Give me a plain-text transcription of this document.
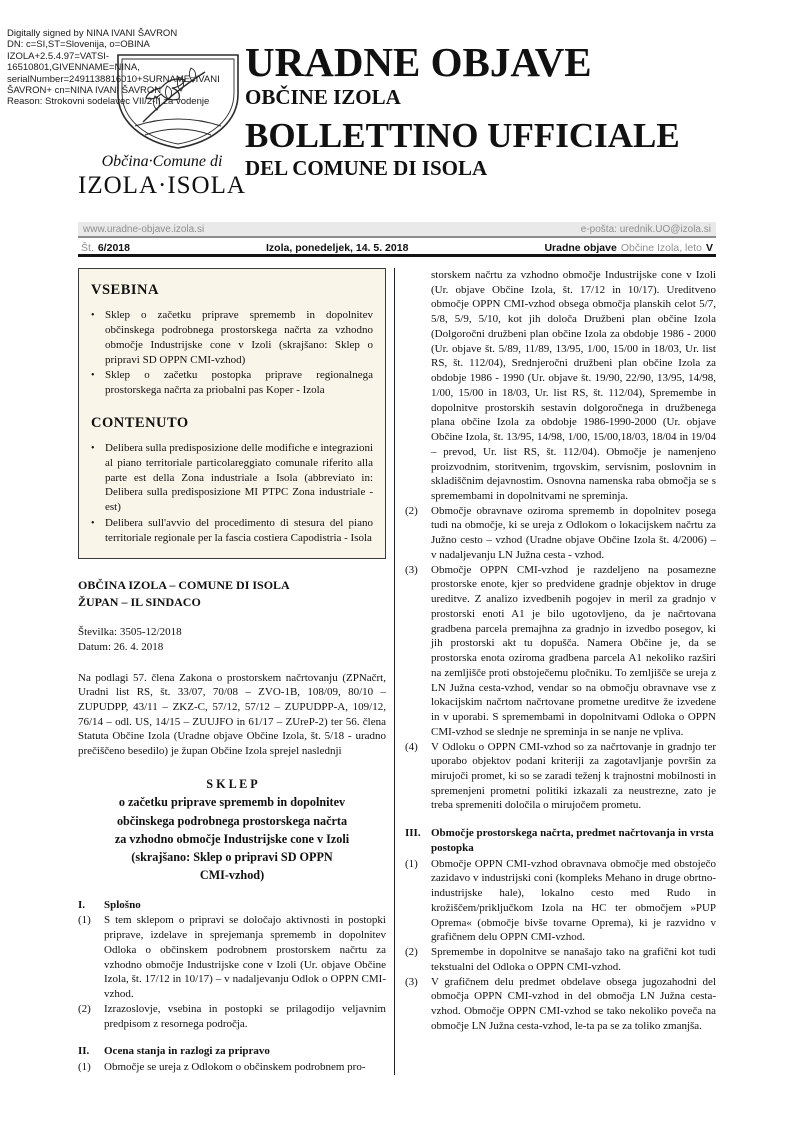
Digitally signed by NINA IVANI ŠAVRON
DN: c=SI,ST=Slovenija, o=OBINA
IZOLA+2.5.4.97=VATSI-
16510801,GIVENNAME=NINA,
serialNumber=2491138816010+SURNAME=IVANI
ŠAVRON+ cn=NINA IVANI ŠAVRON
Reason: Strokovni sodelavec VII/2-II za vodenje
Občina·Comune di
IZOLA·ISOLA
URADNE OBJAVE
OBČINE IZOLA
BOLLETTINO UFFICIALE
DEL COMUNE DI ISOLA
www.uradne-objave.izola.si	e-pošta: urednik.UO@izola.si
Št. 6/2018	Izola, ponedeljek, 14. 5. 2018	Uradne objave Občine Izola, leto V
VSEBINA
• Sklep o začetku priprave sprememb in dopolnitev občinskega podrobnega prostorskega načrta za vzhodno območje Industrijske cone v Izoli (skrajšano: Sklep o pripravi SD OPPN CMI-vzhod)
• Sklep o začetku postopka priprave regionalnega prostorskega načrta za priobalni pas Koper - Izola
CONTENUTO
• Delibera sulla predisposizione delle modifiche e integrazioni al piano territoriale particolareggiato comunale riferito alla parte est della Zona industriale a Isola (abbreviato in: Delibera sulla predisposizione MI PTPC Zona industriale - est)
• Delibera sull'avvio del procedimento di stesura del piano territoriale regionale per la fascia costiera Capodistria - Isola
OBČINA IZOLA – COMUNE DI ISOLA
ŽUPAN – IL SINDACO
Številka: 3505-12/2018
Datum: 26. 4. 2018

Na podlagi 57. člena Zakona o prostorskem načrtovanju (ZPNačrt, Uradni list RS, št. 33/07, 70/08 – ZVO-1B, 108/09, 80/10 – ZUPUDPP, 43/11 – ZKZ-C, 57/12, 57/12 – ZUPUDPP-A, 109/12, 76/14 – odl. US, 14/15 – ZUUJFO in 61/17 – ZUreP-2) ter 56. člena Statuta Občine Izola (Uradne objave Občine Izola, št. 5/18 - uradno prečiščeno besedilo) je župan Občine Izola sprejel naslednji

S K L E P
o začetku priprave sprememb in dopolnitev
občinskega podrobnega prostorskega načrta
za vzhodno območje Industrijske cone v Izoli
(skrajšano: Sklep o pripravi SD OPPN
CMI-vzhod)
I.	Splošno
(1)	S tem sklepom o pripravi se določajo aktivnosti in postopki priprave, izdelave in sprejemanja sprememb in dopolnitev Odloka o občinskem podrobnem prostorskem načrtu za vzhodno območje Industrijske cone v Izoli (Ur. objave Občine Izola, št. 17/12 in 10/17) – v nadaljevanju Odlok o OPPN CMI-vzhod.
(2)	Izrazoslovje, vsebina in postopki se prilagodijo veljavnim predpisom z resornega področja.
II.	Ocena stanja in razlogi za pripravo
(1)	Območje se ureja z Odlokom o občinskem podrobnem pro-
storskem načrtu za vzhodno območje Industrijske cone v Izoli (Ur. objave Občine Izola, št. 17/12 in 10/17). Ureditveno območje OPPN CMI-vzhod obsega območja planskih celot 5/7, 5/8, 5/9, 5/10, kot jih določa Družbeni plan občine Izola (Dolgoročni družbeni plan občine Izola za obdobje 1986 - 2000 (Ur. objave št. 5/89, 11/89, 13/95, 1/00, 15/00 in 18/03, Ur. list RS, št. 112/04), Srednjeročni družbeni plan občine Izola za obdobje 1986 - 1990 (Ur. objave št. 19/90, 22/90, 13/95, 14/98, 1/00, 15/00 in 18/03, Ur. list RS, št. 112/04), Spremembe in dopolnitve prostorskih sestavin dolgoročnega in družbenega plana občine Izola za obdobje 1986-1990-2000 (Ur. objave Občine Izola, št. 13/95, 14/98, 1/00, 15/00,18/03, 18/04 in 19/04 – prevod, Ur. list RS, št. 112/04). Območje je namenjeno proizvodnim, storitvenim, trgovskim, servisnim, poslovnim in skladiščnim dejavnostim. Osnovna namenska raba območja se s spremembami in dopolnitvami ne spreminja.
(2)	Območje obravnave oziroma sprememb in dopolnitev posega tudi na območje, ki se ureja z Odlokom o lokacijskem načrtu za Južno cesto – vzhod (Uradne objave Občine Izola št. 4/2006) – v nadaljevanju LN Južna cesta - vzhod.
(3)	Območje OPPN CMI-vzhod je razdeljeno na posamezne prostorske enote, kjer so predvidene gradnje objektov in druge ureditve. Z analizo izvedbenih pogojev in meril za gradnjo v prostorski enoti A1 je bilo ugotovljeno, da je načrtovana gradbena parcela premajhna za gradnjo in izvedbo posegov, ki jih prostorski akt tu dopušča. Namera Občine je, da se prostorska enota oziroma gradbena parcela A1 nekoliko razširi na zemljišče proti obstoječemu pločniku. To zemljišče se ureja z LN Južna cesta-vzhod, vendar so na območju obravnave vse z lokacijskim načrtom načrtovane prometne ureditve že izvedene in v uporabi. S spremembami in dopolnitvami Odloka o OPPN CMI-vzhod se slednje ne spreminja in se nanje ne vpliva.
(4)	V Odloku o OPPN CMI-vzhod so za načrtovanje in gradnjo ter uporabo objektov podani kriteriji za zagotavljanje površin za mirujoči promet, ki so se zaradi teženj k trajnostni mobilnosti in spremenjeni prometni politiki izkazali za neustrezne, zato je treba spremeniti določila o mirujočem prometu.
III. Območje prostorskega načrta, predmet načrtovanja in vrsta postopka
(1)	Območje OPPN CMI-vzhod obravnava območje med obstoječo zazidavo v industrijski coni (kompleks Mehano in druge obrtno-industrijske hale), lokalno cesto med Rudo in krožiščem/priključkom Izola na HC ter območjem »PUP Oprema« (območje bivše tovarne Oprema), ki je razvidno v grafičnem delu OPPN CMI-vzhod.
(2)	Spremembe in dopolnitve se nanašajo tako na grafični kot tudi tekstualni del Odloka o OPPN CMI-vzhod.
(3)	V grafičnem delu predmet obdelave obsega jugozahodni del območja OPPN CMI-vzhod in del območja LN Južna cesta-vzhod. Območje OPPN CMI-vzhod se tako nekoliko poveča na območje LN Južna cesta-vzhod, le-ta pa se za toliko zmanjša.
